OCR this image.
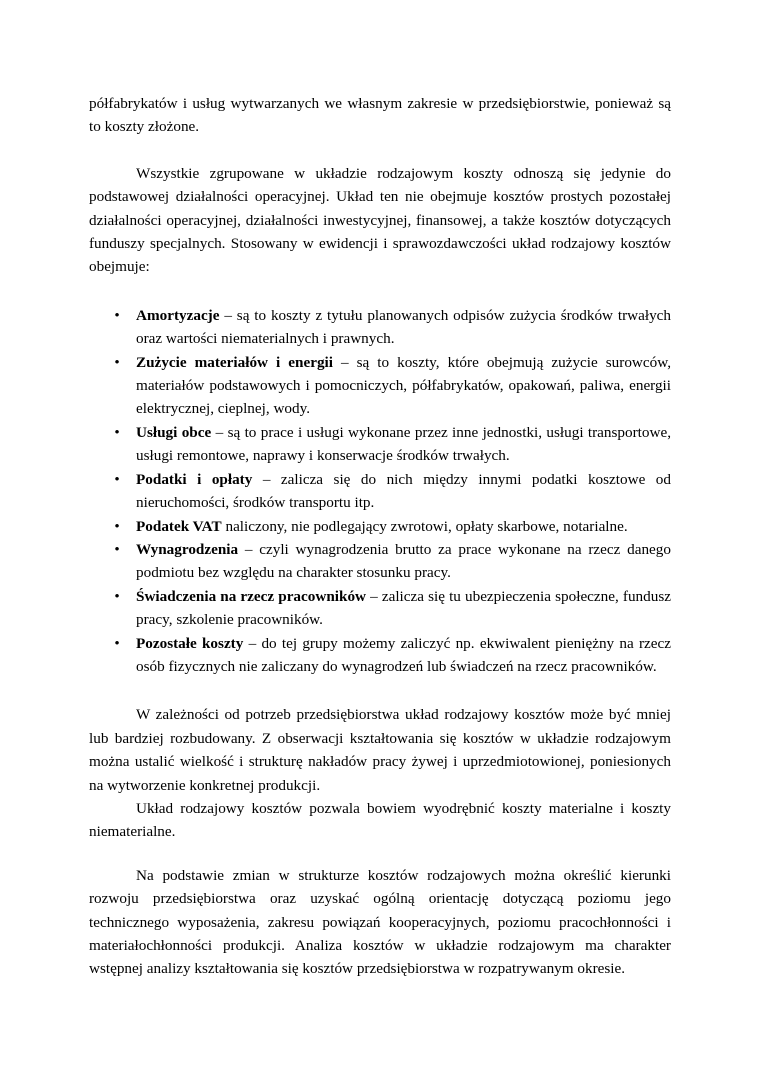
półfabrykatów i usług wytwarzanych we własnym zakresie w przedsiębiorstwie, ponieważ są to koszty złożone.

Wszystkie zgrupowane w układzie rodzajowym koszty odnoszą się jedynie do podstawowej działalności operacyjnej. Układ ten nie obejmuje kosztów prostych pozostałej działalności operacyjnej, działalności inwestycyjnej, finansowej, a także kosztów dotyczących funduszy specjalnych. Stosowany w ewidencji i sprawozdawczości układ rodzajowy kosztów obejmuje:

• Amortyzacje – są to koszty z tytułu planowanych odpisów zużycia środków trwałych oraz wartości niematerialnych i prawnych.
• Zużycie materiałów i energii – są to koszty, które obejmują zużycie surowców, materiałów podstawowych i pomocniczych, półfabrykatów, opakowań, paliwa, energii elektrycznej, cieplnej, wody.
• Usługi obce – są to prace i usługi wykonane przez inne jednostki, usługi transportowe, usługi remontowe, naprawy i konserwacje środków trwałych.
• Podatki i opłaty – zalicza się do nich między innymi podatki kosztowe od nieruchomości, środków transportu itp.
• Podatek VAT naliczony, nie podlegający zwrotowi, opłaty skarbowe, notarialne.
• Wynagrodzenia – czyli wynagrodzenia brutto za prace wykonane na rzecz danego podmiotu bez względu na charakter stosunku pracy.
• Świadczenia na rzecz pracowników – zalicza się tu ubezpieczenia społeczne, fundusz pracy, szkolenie pracowników.
• Pozostałe koszty – do tej grupy możemy zaliczyć np. ekwiwalent pieniężny na rzecz osób fizycznych nie zaliczany do wynagrodzeń lub świadczeń na rzecz pracowników.

W zależności od potrzeb przedsiębiorstwa układ rodzajowy kosztów może być mniej lub bardziej rozbudowany. Z obserwacji kształtowania się kosztów w układzie rodzajowym można ustalić wielkość i strukturę nakładów pracy żywej i uprzedmiotowionej, poniesionych na wytworzenie konkretnej produkcji.

Układ rodzajowy kosztów pozwala bowiem wyodrębnić koszty materialne i koszty niematerialne.

Na podstawie zmian w strukturze kosztów rodzajowych można określić kierunki rozwoju przedsiębiorstwa oraz uzyskać ogólną orientację dotyczącą poziomu jego technicznego wyposażenia, zakresu powiązań kooperacyjnych, poziomu pracochłonności i materiałochłonności produkcji. Analiza kosztów w układzie rodzajowym ma charakter wstępnej analizy kształtowania się kosztów przedsiębiorstwa w rozpatrywanym okresie.
